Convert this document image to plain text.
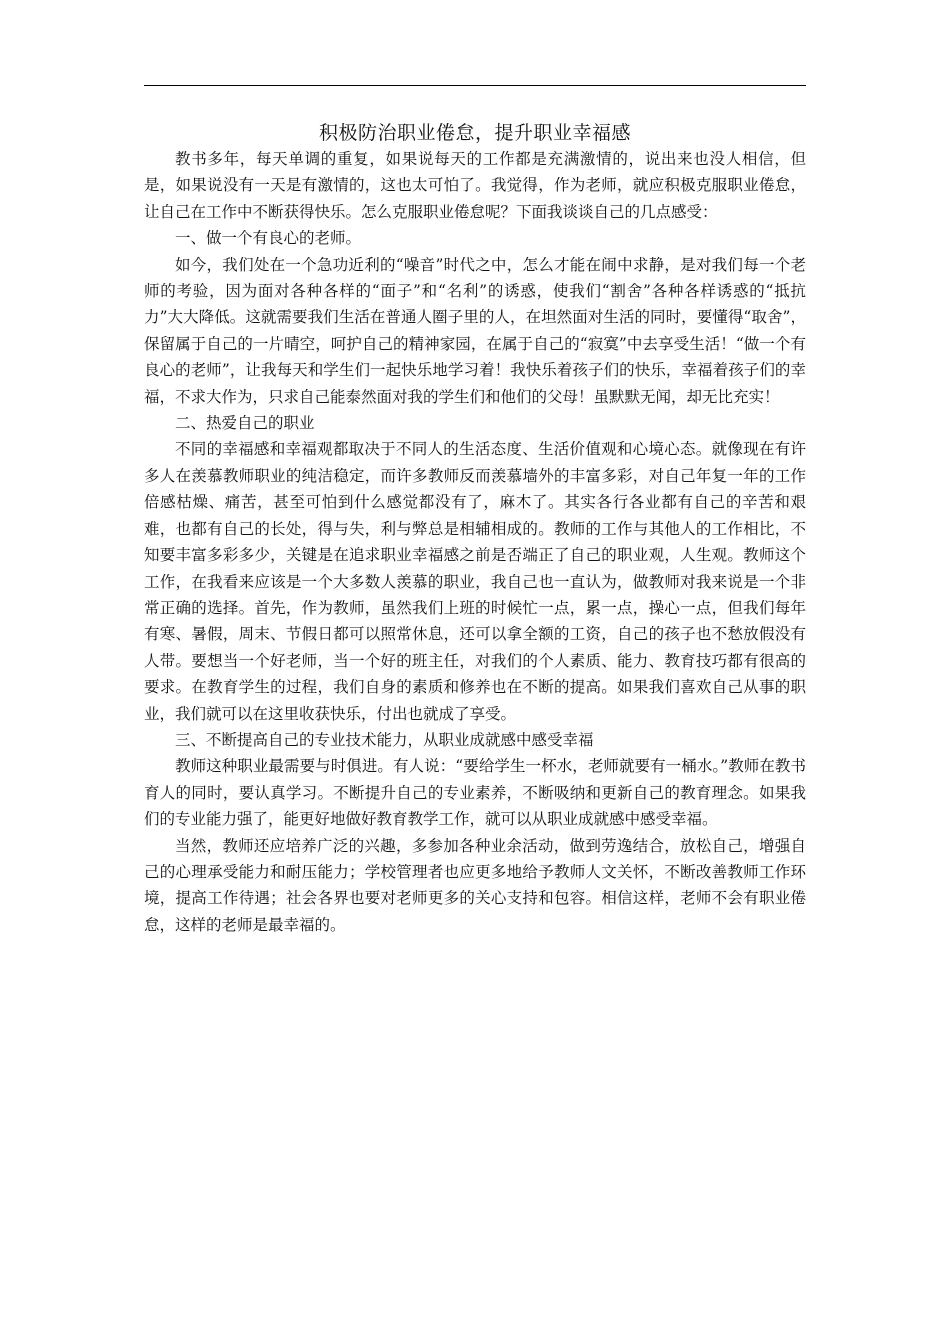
积极防治职业倦怠，提升职业幸福感

教书多年，每天单调的重复，如果说每天的工作都是充满激情的，说出来也没人相信，但是，如果说没有一天是有激情的，这也太可怕了。我觉得，作为老师，就应积极克服职业倦怠，让自己在工作中不断获得快乐。怎么克服职业倦怠呢？下面我谈谈自己的几点感受：

一、做一个有良心的老师。

如今，我们处在一个急功近利的“噪音”时代之中，怎么才能在闹中求静，是对我们每一个老师的考验，因为面对各种各样的“面子”和“名利”的诱惑，使我们“割舍”各种各样诱惑的“抵抗力”大大降低。这就需要我们生活在普通人圈子里的人，在坦然面对生活的同时，要懂得“取舍”，保留属于自己的一片晴空，呵护自己的精神家园，在属于自己的“寂寞”中去享受生活！“做一个有良心的老师”，让我每天和学生们一起快乐地学习着！我快乐着孩子们的快乐，幸福着孩子们的幸福，不求大作为，只求自己能泰然面对我的学生们和他们的父母！虽默默无闻，却无比充实！

二、热爱自己的职业

不同的幸福感和幸福观都取决于不同人的生活态度、生活价值观和心境心态。就像现在有许多人在羡慕教师职业的纯洁稳定，而许多教师反而羡慕墙外的丰富多彩，对自己年复一年的工作倍感枯燥、痛苦，甚至可怕到什么感觉都没有了，麻木了。其实各行各业都有自己的辛苦和艰难，也都有自己的长处，得与失，利与弊总是相辅相成的。教师的工作与其他人的工作相比，不知要丰富多彩多少，关键是在追求职业幸福感之前是否端正了自己的职业观，人生观。教师这个工作，在我看来应该是一个大多数人羡慕的职业，我自己也一直认为，做教师对我来说是一个非常正确的选择。首先，作为教师，虽然我们上班的时候忙一点，累一点，操心一点，但我们每年有寒、暑假，周末、节假日都可以照常休息，还可以拿全额的工资，自己的孩子也不愁放假没有人带。要想当一个好老师，当一个好的班主任，对我们的个人素质、能力、教育技巧都有很高的要求。在教育学生的过程，我们自身的素质和修养也在不断的提高。如果我们喜欢自己从事的职业，我们就可以在这里收获快乐，付出也就成了享受。

三、不断提高自己的专业技术能力，从职业成就感中感受幸福

教师这种职业最需要与时俱进。有人说：“要给学生一杯水，老师就要有一桶水。”教师在教书育人的同时，要认真学习。不断提升自己的专业素养，不断吸纳和更新自己的教育理念。如果我们的专业能力强了，能更好地做好教育教学工作，就可以从职业成就感中感受幸福。

当然，教师还应培养广泛的兴趣，多参加各种业余活动，做到劳逸结合，放松自己，增强自己的心理承受能力和耐压能力；学校管理者也应更多地给予教师人文关怀，不断改善教师工作环境，提高工作待遇；社会各界也要对老师更多的关心支持和包容。相信这样，老师不会有职业倦怠，这样的老师是最幸福的。
